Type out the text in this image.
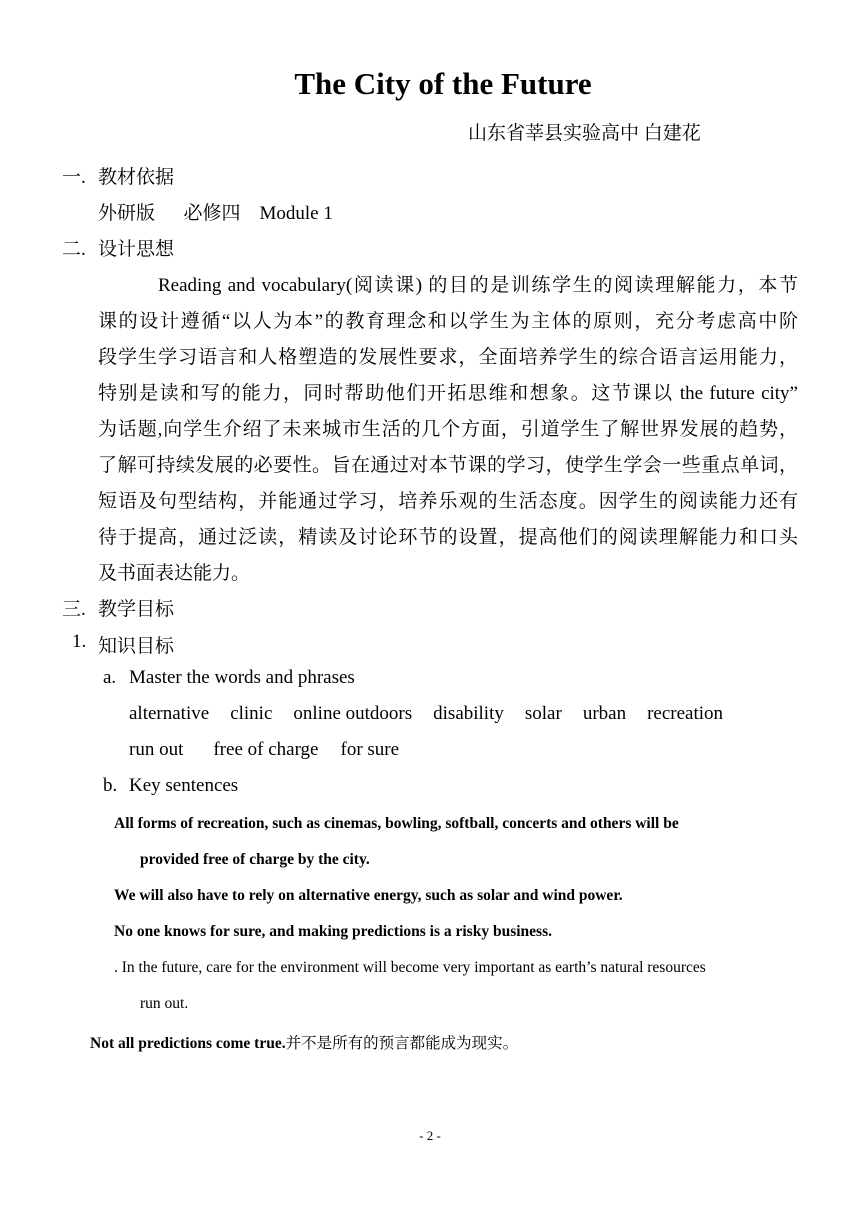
The City of the Future
山东省莘县实验高中 白建花
一. 教材依据
外研版      必修四    Module 1
二. 设计思想
Reading and vocabulary(阅读课) 的目的是训练学生的阅读理解能力，本节
课的设计遵循“以人为本”的教育理念和以学生为主体的原则，充分考虑高中阶
段学生学习语言和人格塑造的发展性要求，全面培养学生的综合语言运用能力，
特别是读和写的能力，同时帮助他们开拓思维和想象。这节课以 the future city”
为话题,向学生介绍了未来城市生活的几个方面，引道学生了解世界发展的趋势，
了解可持续发展的必要性。旨在通过对本节课的学习，使学生学会一些重点单词，
短语及句型结构，并能通过学习，培养乐观的生活态度。因学生的阅读能力还有
待于提高，通过泛读，精读及讨论环节的设置，提高他们的阅读理解能力和口头
及书面表达能力。
三. 教学目标
1. 知识目标
a. Master the words and phrases
alternative clinic online outdoors disability solar urban recreation
run out free of charge for sure
b. Key sentences
All forms of recreation, such as cinemas, bowling, softball, concerts and others will be
provided free of charge by the city.
We will also have to rely on alternative energy, such as solar and wind power.
No one knows for sure, and making predictions is a risky business.
. In the future, care for the environment will become very important as earth’s natural resources
run out.
Not all predictions come true.并不是所有的预言都能成为现实。
- 2 -
